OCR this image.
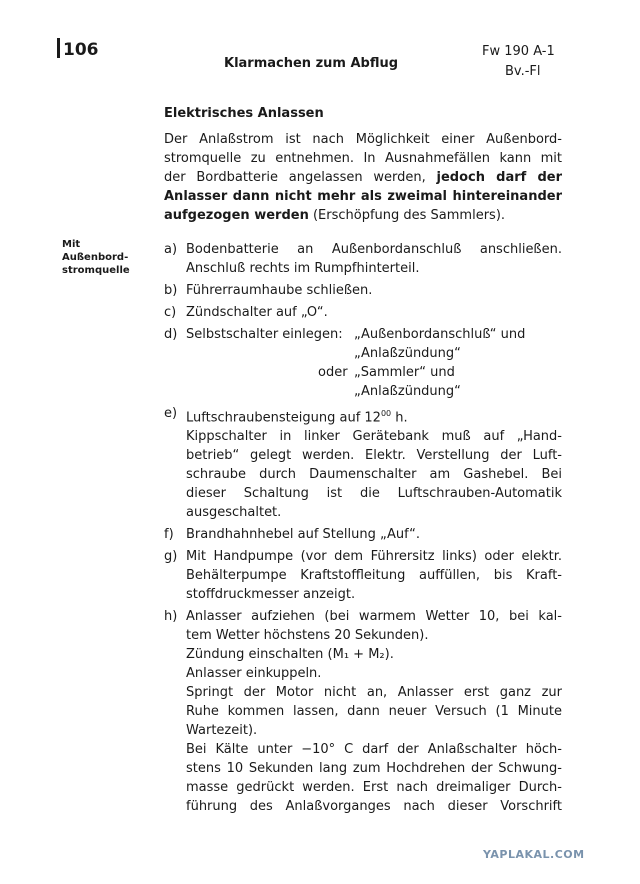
106
Klarmachen zum Abflug
Fw 190 A-1
Bv.-Fl
Elektrisches Anlassen
Der Anlaßstrom ist nach Möglichkeit einer Außenbord-
stromquelle zu entnehmen. In Ausnahmefällen kann mit
der Bordbatterie angelassen werden, jedoch darf der
Anlasser dann nicht mehr als zweimal hintereinander
aufgezogen werden (Erschöpfung des Sammlers).
Mit
Außenbord-
stromquelle
a) Bodenbatterie an Außenbordanschluß anschließen.
Anschluß rechts im Rumpfhinterteil.
b) Führerraumhaube schließen.
c) Zündschalter auf „O“.
d) Selbstschalter einlegen: „Außenbordanschluß“ und
„Anlaßzündung“
oder „Sammler“ und
„Anlaßzündung“
e) Luftschraubensteigung auf $12^{00}$ h.
Kippschalter in linker Gerätebank muß auf „Hand-
betrieb“ gelegt werden. Elektr. Verstellung der Luft-
schraube durch Daumenschalter am Gashebel. Bei
dieser Schaltung ist die Luftschrauben-Automatik
ausgeschaltet.
f) Brandhahnhebel auf Stellung „Auf“.
g) Mit Handpumpe (vor dem Führersitz links) oder elektr.
Behälterpumpe Kraftstoffleitung auffüllen, bis Kraft-
stoffdruckmesser anzeigt.
h) Anlasser aufziehen (bei warmem Wetter 10, bei kal-
tem Wetter höchstens 20 Sekunden).
Zündung einschalten (M₁ + M₂).
Anlasser einkuppeln.
Springt der Motor nicht an, Anlasser erst ganz zur
Ruhe kommen lassen, dann neuer Versuch (1 Minute
Wartezeit).
Bei Kälte unter −10° C darf der Anlaßschalter höch-
stens 10 Sekunden lang zum Hochdrehen der Schwung-
masse gedrückt werden. Erst nach dreimaliger Durch-
führung des Anlaßvorganges nach dieser Vorschrift
YAPLAKAL.COM
